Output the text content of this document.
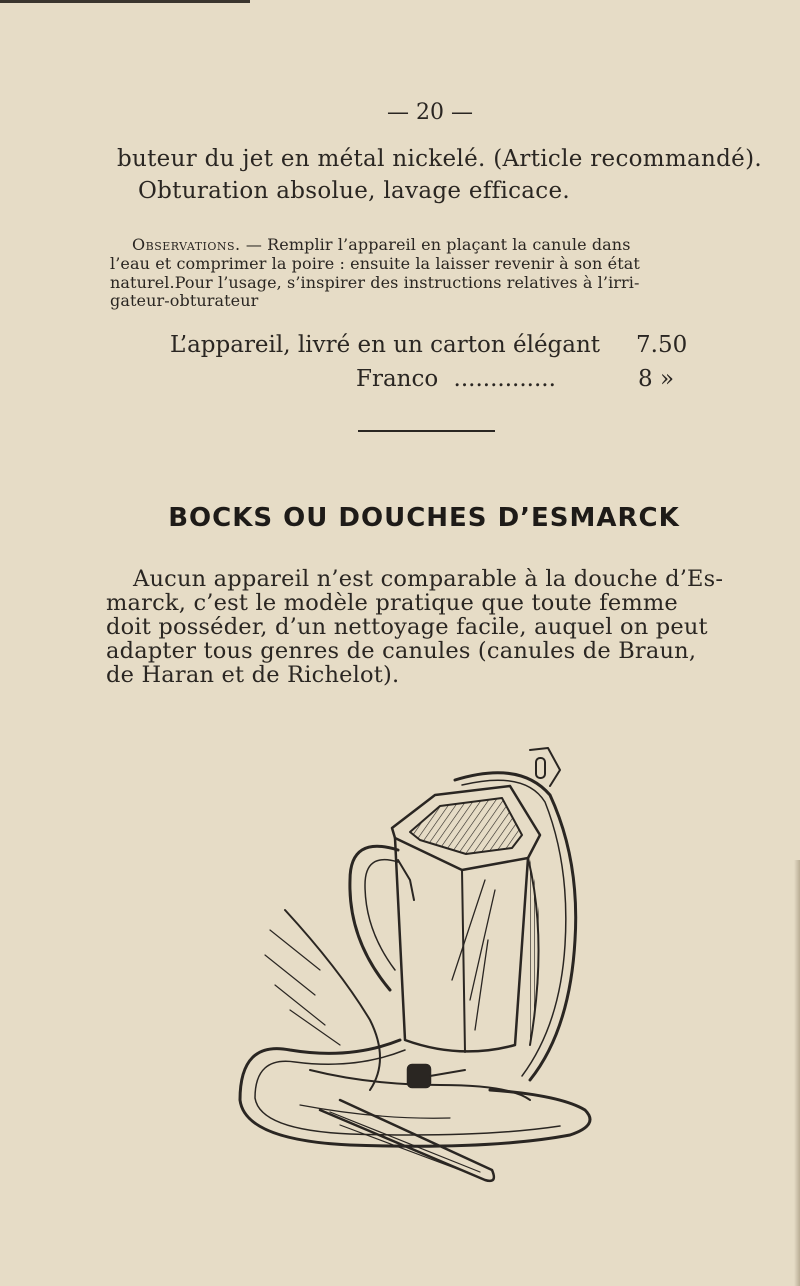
— 20 —
buteur du jet en métal nickelé. (Article recommandé).
Obturation absolue, lavage efficace.
Observations. — Remplir l’appareil en plaçant la canule dans
l’eau et comprimer la poire : ensuite la laisser revenir à son état
naturel.Pour l’usage, s’inspirer des instructions relatives à l’irri-
gateur-obturateur
L’appareil, livré en un carton élégant 7.50
Franco ..............	8 »
BOCKS OU DOUCHES D’ESMARCK
Aucun appareil n’est comparable à la douche d’Es-
marck, c’est le modèle pratique que toute femme
doit posséder, d’un nettoyage facile, auquel on peut
adapter tous genres de canules (canules de Braun,
de Haran et de Richelot).
